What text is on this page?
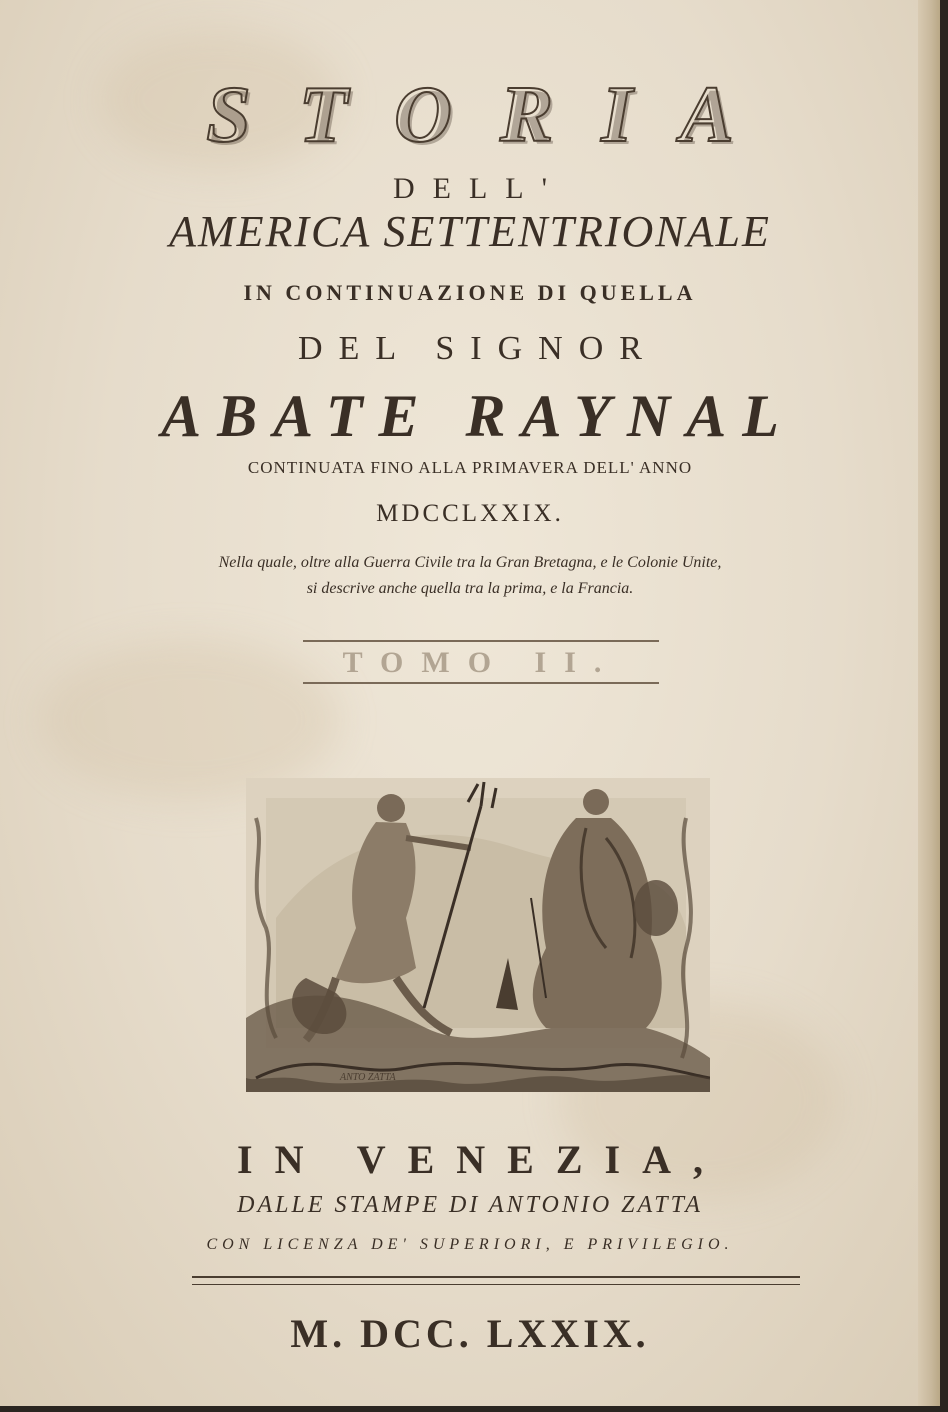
STORIA
DELL'
AMERICA SETTENTRIONALE
IN CONTINUAZIONE DI QUELLA
DEL SIGNOR
ABATE RAYNAL
CONTINUATA FINO ALLA PRIMAVERA DELL' ANNO
MDCCLXXIX.
Nella quale, oltre alla Guerra Civile tra la Gran Bretagna, e le Colonie Unite,
si descrive anche quella tra la prima, e la Francia.
TOMO II.
ANTO ZATTA
IN VENEZIA,
DALLE STAMPE DI ANTONIO ZATTA
CON LICENZA DE' SUPERIORI, E PRIVILEGIO.
M. DCC. LXXIX.
